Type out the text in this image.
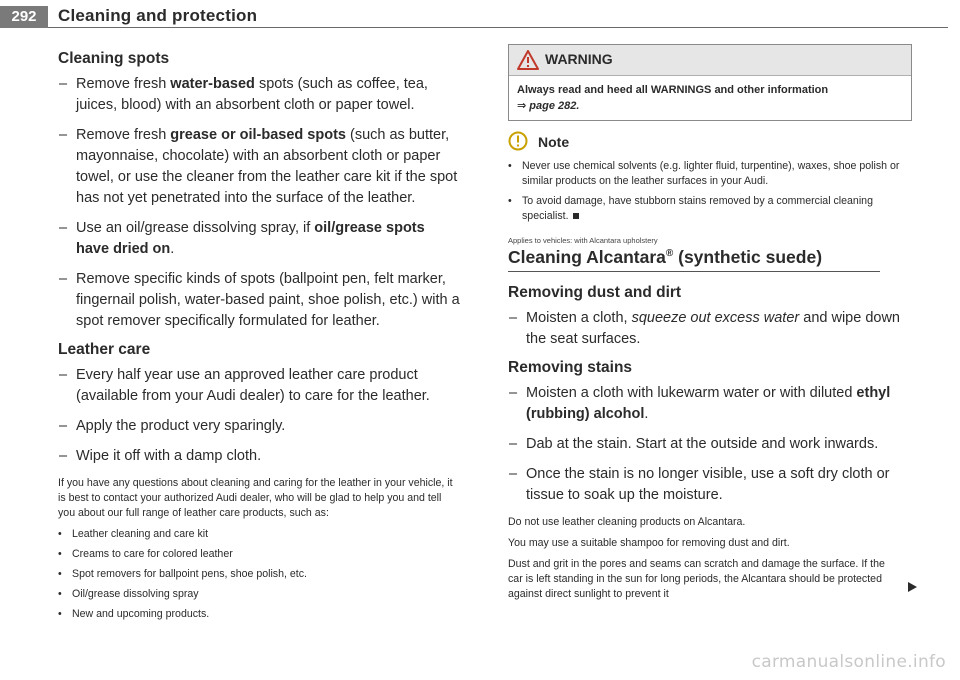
292	Cleaning and protection
Cleaning spots
– Remove fresh water-based spots (such as coffee, tea, juices, blood) with an absorbent cloth or paper towel.
– Remove fresh grease or oil-based spots (such as butter, mayonnaise, chocolate) with an absorbent cloth or paper towel, or use the cleaner from the leather care kit if the spot has not yet penetrated into the surface of the leather.
– Use an oil/grease dissolving spray, if oil/grease spots have dried on.
– Remove specific kinds of spots (ballpoint pen, felt marker, fingernail polish, water-based paint, shoe polish, etc.) with a spot remover specifically formulated for leather.
Leather care
– Every half year use an approved leather care product (available from your Audi dealer) to care for the leather.
– Apply the product very sparingly.
– Wipe it off with a damp cloth.

If you have any questions about cleaning and caring for the leather in your vehicle, it is best to contact your authorized Audi dealer, who will be glad to help you and tell you about our full range of leather care products, such as:

• Leather cleaning and care kit
• Creams to care for colored leather
• Spot removers for ballpoint pens, shoe polish, etc.
• Oil/grease dissolving spray
• New and upcoming products.
WARNING
Always read and heed all WARNINGS and other information
⇒ page 282.
Note
• Never use chemical solvents (e.g. lighter fluid, turpentine), waxes, shoe polish or similar products on the leather surfaces in your Audi.
• To avoid damage, have stubborn stains removed by a commercial cleaning specialist.
Applies to vehicles: with Alcantara upholstery
Cleaning Alcantara® (synthetic suede)
Removing dust and dirt
– Moisten a cloth, squeeze out excess water and wipe down the seat surfaces.
Removing stains
– Moisten a cloth with lukewarm water or with diluted ethyl (rubbing) alcohol.
– Dab at the stain. Start at the outside and work inwards.
– Once the stain is no longer visible, use a soft dry cloth or tissue to soak up the moisture.

Do not use leather cleaning products on Alcantara.

You may use a suitable shampoo for removing dust and dirt.

Dust and grit in the pores and seams can scratch and damage the surface. If the car is left standing in the sun for long periods, the Alcantara should be protected against direct sunlight to prevent it

carmanualsonline.info
